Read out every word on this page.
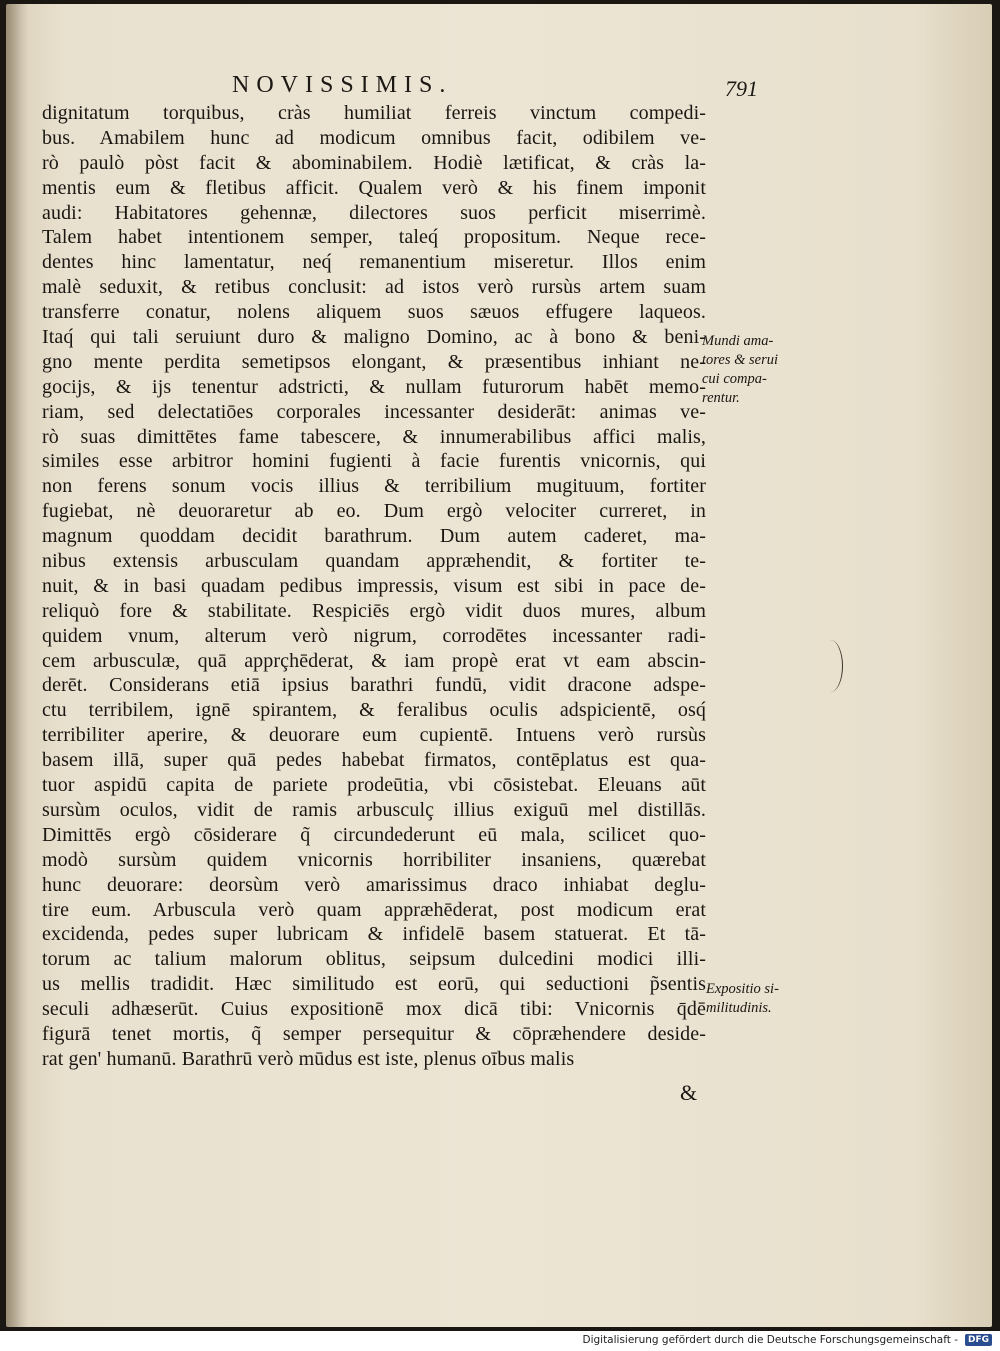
NOVISSIMIS.	791
dignitatum torquibus, cràs humiliat ferreis vinctum compedi-
bus. Amabilem hunc ad modicum omnibus facit, odibilem ve-
rò paulò pòst facit & abominabilem. Hodiè lætificat, & cràs la-
mentis eum & fletibus afficit. Qualem verò & his finem imponit
audi: Habitatores gehennæ, dilectores suos perficit miserrimè.
Talem habet intentionem semper, taleq́ propositum. Neque rece-
dentes hinc lamentatur, neq́ remanentium miseretur. Illos enim
malè seduxit, & retibus conclusit: ad istos verò rursùs artem suam
transferre conatur, nolens aliquem suos sæuos effugere laqueos.
Itaq́ qui tali seruiunt duro & maligno Domino, ac à bono & beni-
gno mente perdita semetipsos elongant, & præsentibus inhiant ne-
gocijs, & ijs tenentur adstricti, & nullam futurorum habēt memo-
riam, sed delectatiōes corporales incessanter desiderāt: animas ve-
rò suas dimittētes fame tabescere, & innumerabilibus affici malis,
similes esse arbitror homini fugienti à facie furentis vnicornis, qui
non ferens sonum vocis illius & terribilium mugituum, fortiter
fugiebat, nè deuoraretur ab eo. Dum ergò velociter curreret, in
magnum quoddam decidit barathrum. Dum autem caderet, ma-
nibus extensis arbusculam quandam appræhendit, & fortiter te-
nuit, & in basi quadam pedibus impressis, visum est sibi in pace de-
reliquò fore & stabilitate. Respiciēs ergò vidit duos mures, album
quidem vnum, alterum verò nigrum, corrodētes incessanter radi-
cem arbusculæ, quā apprçhēderat, & iam propè erat vt eam abscin-
derēt. Considerans etiā ipsius barathri fundū, vidit dracone adspe-
ctu terribilem, ignē spirantem, & feralibus oculis adspicientē, osq́
terribiliter aperire, & deuorare eum cupientē. Intuens verò rursùs
basem illā, super quā pedes habebat firmatos, contēplatus est qua-
tuor aspidū capita de pariete prodeūtia, vbi cōsistebat. Eleuans aūt
sursùm oculos, vidit de ramis arbusculç illius exiguū mel distillās.
Dimittēs ergò cōsiderare q̃ circundederunt eū mala, scilicet quo-
modò sursùm quidem vnicornis horribiliter insaniens, quærebat
hunc deuorare: deorsùm verò amarissimus draco inhiabat deglu-
tire eum. Arbuscula verò quam appræhēderat, post modicum erat
excidenda, pedes super lubricam & infidelē basem statuerat. Et tā-
torum ac talium malorum oblitus, seipsum dulcedini modici illi-
us mellis tradidit. Hæc similitudo est eorū, qui seductioni p̃sentis
seculi adhæserūt. Cuius expositionē mox dicā tibi: Vnicornis q̄dē
figurā tenet mortis, q̃ semper persequitur & cōpræhendere deside-
rat gen' humanū. Barathrū verò mūdus est iste, plenus oībus malis
Mundi ama-
tores & serui
cui compa-
rentur.
Expositio si-
militudinis.
&
Digitalisierung gefördert durch die Deutsche Forschungsgemeinschaft -	DFG
